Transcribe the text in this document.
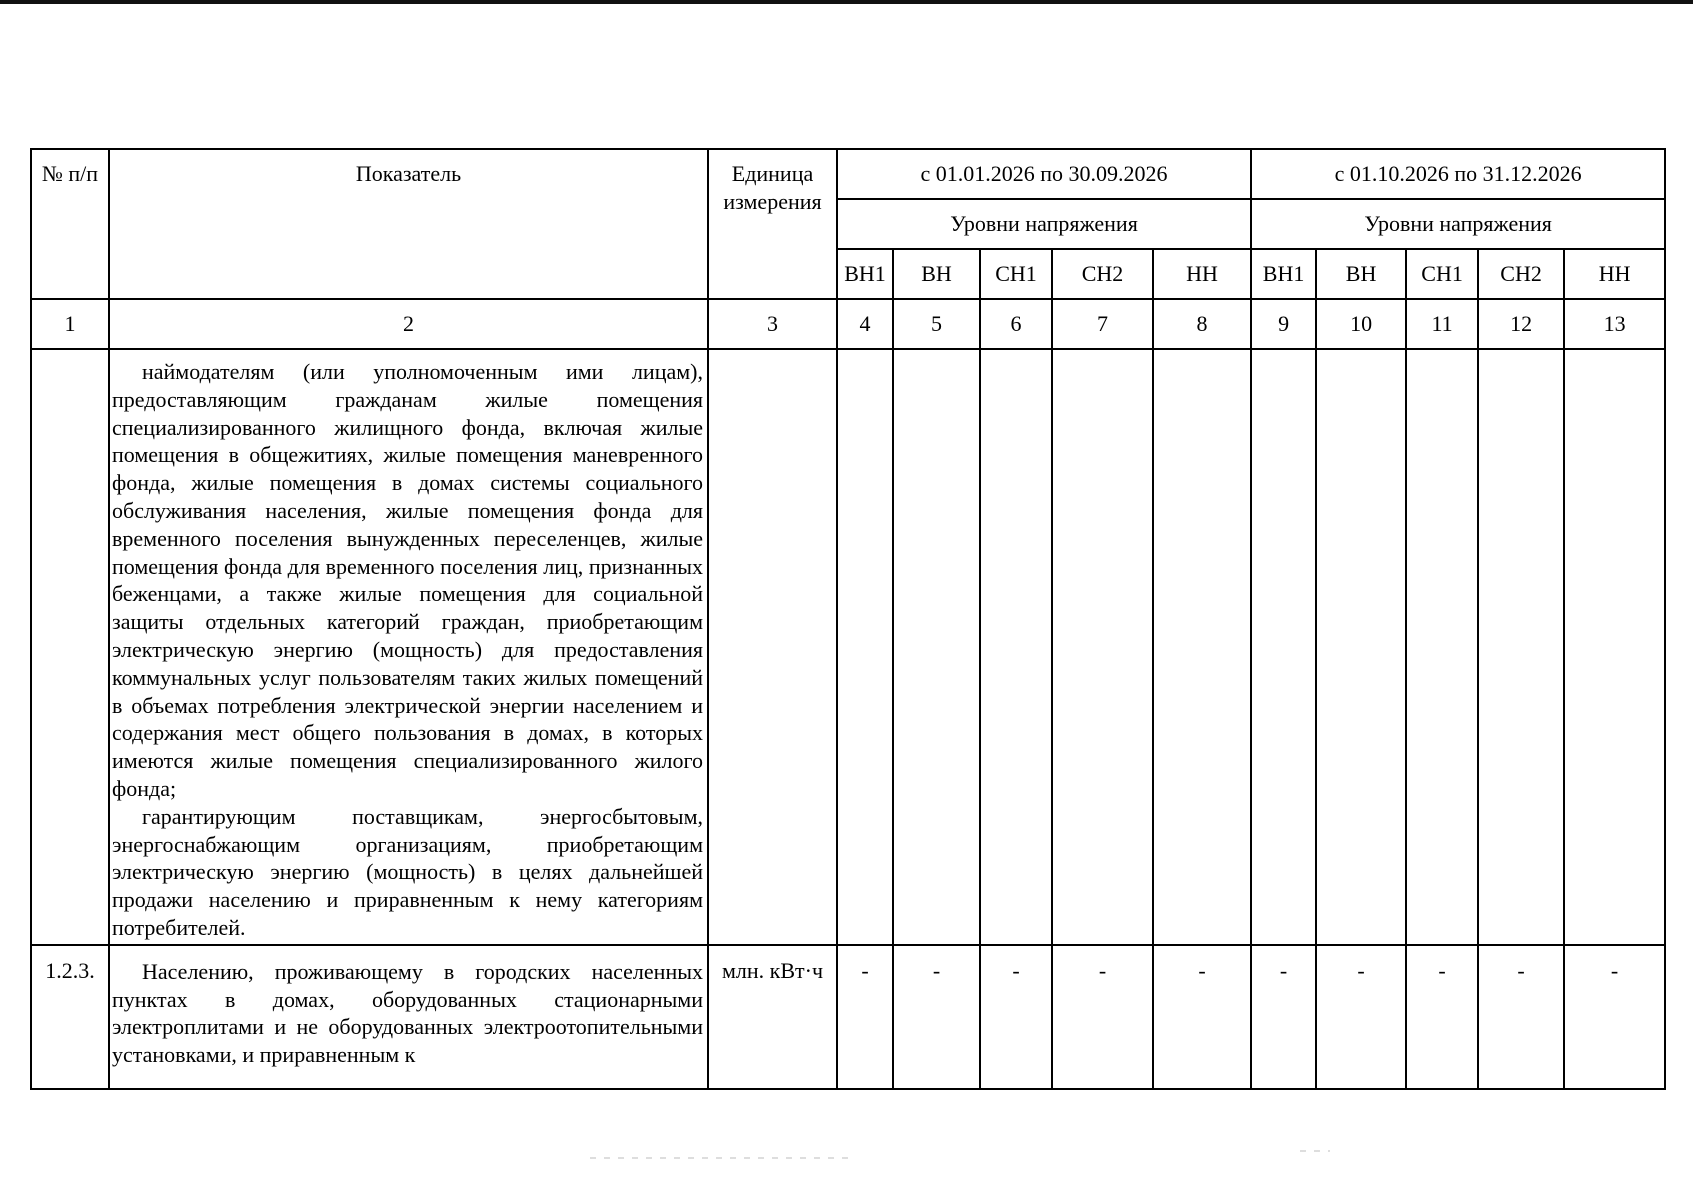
№ п/п	Показатель	Единица измерения	с 01.01.2026 по 30.09.2026					с 01.10.2026 по 31.12.2026				
			Уровни напряжения					Уровни напряжения				
			ВН1	ВН	СН1	СН2	НН	ВН1	ВН	СН1	СН2	НН
1	2	3	4	5	6	7	8	9	10	11	12	13

	наймодателям (или уполномоченным ими лицам), предоставляющим гражданам жилые помещения специализированного жилищного фонда, включая жилые помещения в общежитиях, жилые помещения маневренного фонда, жилые помещения в домах системы социального обслуживания населения, жилые помещения фонда для временного поселения вынужденных переселенцев, жилые помещения фонда для временного поселения лиц, признанных беженцами, а также жилые помещения для социальной защиты отдельных категорий граждан, приобретающим электрическую энергию (мощность) для предоставления коммунальных услуг пользователям таких жилых помещений в объемах потребления электрической энергии населением и содержания мест общего пользования в домах, в которых имеются жилые помещения специализированного жилого фонда;

гарантирующим поставщикам, энергосбытовым, энергоснабжающим организациям, приобретающим электрическую энергию (мощность) в целях дальнейшей продажи населению и приравненным к нему категориям потребителей.											

1.2.3.	Населению, проживающему в городских населенных пунктах в домах, оборудованных стационарными электроплитами и не оборудованных электроотопительными установками, и приравненным к	млн. кВт·ч	-	-	-	-	-	-	-	-	-	-
